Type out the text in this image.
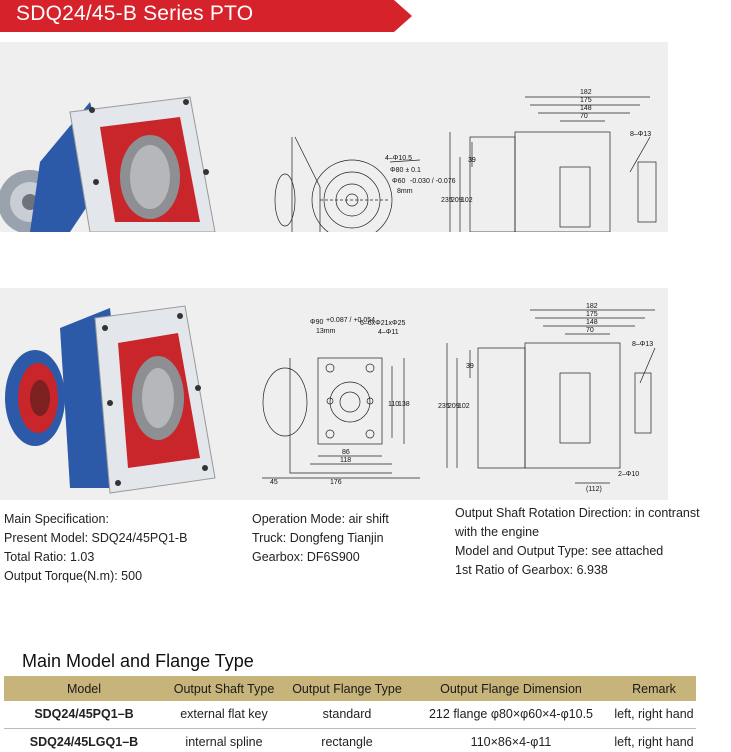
SDQ24/45-B Series PTO
4–Φ10.5
Φ80 ± 0.1
Φ60 -0.030 / -0.076
8mm
182
175
148
70
39
235
209
102
8–Φ13
Φ90 +0.087 / +0.054
13mm
6–6xΦ21xΦ25
4–Φ11
110
138
86
118
45	176
182
175
148
70
39
235
209
102
8–Φ13
2–Φ10
(112)
Main Specification:
Present Model: SDQ24/45PQ1-B
Total Ratio: 1.03
Output Torque(N.m): 500
Operation Mode: air shift
Truck: Dongfeng Tianjin
Gearbox: DF6S900
Output Shaft Rotation Direction: in contranst
with the engine
Model and Output Type: see attached
1st Ratio of Gearbox: 6.938
Main Model and Flange Type
Model	Output Shaft Type	Output Flange Type	Output Flange Dimension	Remark
SDQ24/45PQ1–B	external flat key	standard	212 flange φ80×φ60×4-φ10.5	left, right hand
SDQ24/45LGQ1–B	internal spline	rectangle	110×86×4-φ11	left, right hand
